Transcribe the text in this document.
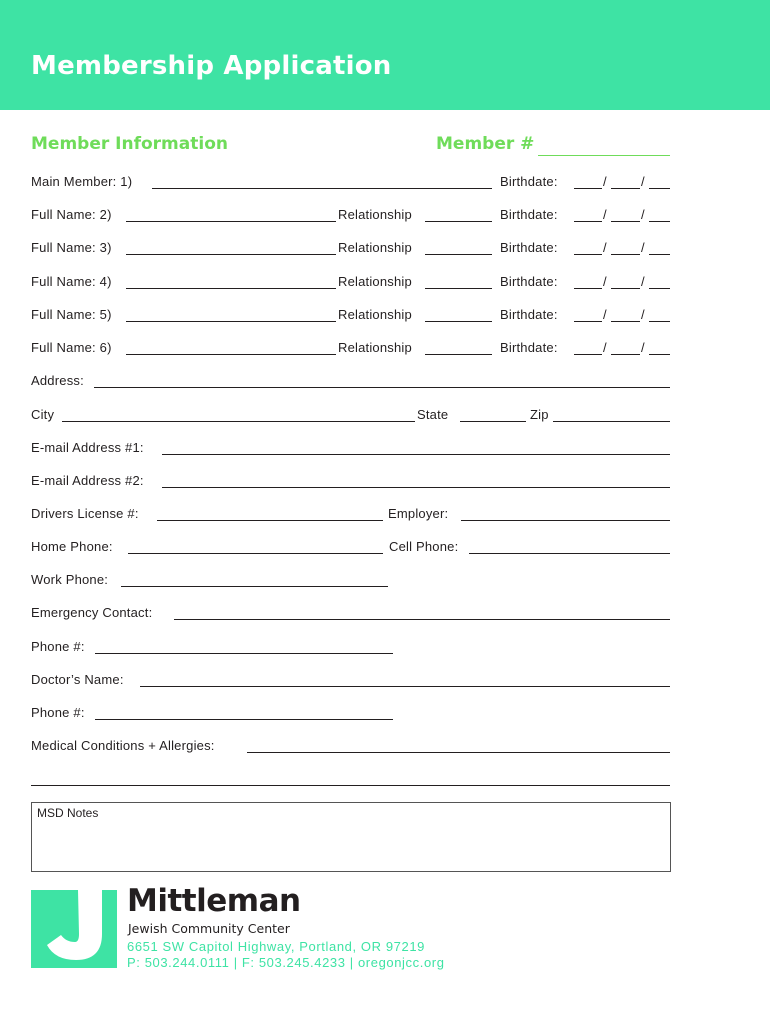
Membership Application
Member Information	Member #
Main Member: 1)	Birthdate:	/	/
Full Name: 2)	Relationship	Birthdate:	/	/
Full Name: 3)	Relationship	Birthdate:	/	/
Full Name: 4)	Relationship	Birthdate:	/	/
Full Name: 5)	Relationship	Birthdate:	/	/
Full Name: 6)	Relationship	Birthdate:	/	/
Address:
City	State	Zip
E-mail Address #1:
E-mail Address #2:
Drivers License #:	Employer:
Home Phone:	Cell Phone:
Work Phone:
Emergency Contact:
Phone #:
Doctor’s Name:
Phone #:
Medical Conditions + Allergies:
MSD Notes
Mittleman
Jewish Community Center
6651 SW Capitol Highway, Portland, OR 97219
P: 503.244.0111 | F: 503.245.4233 | oregonjcc.org
